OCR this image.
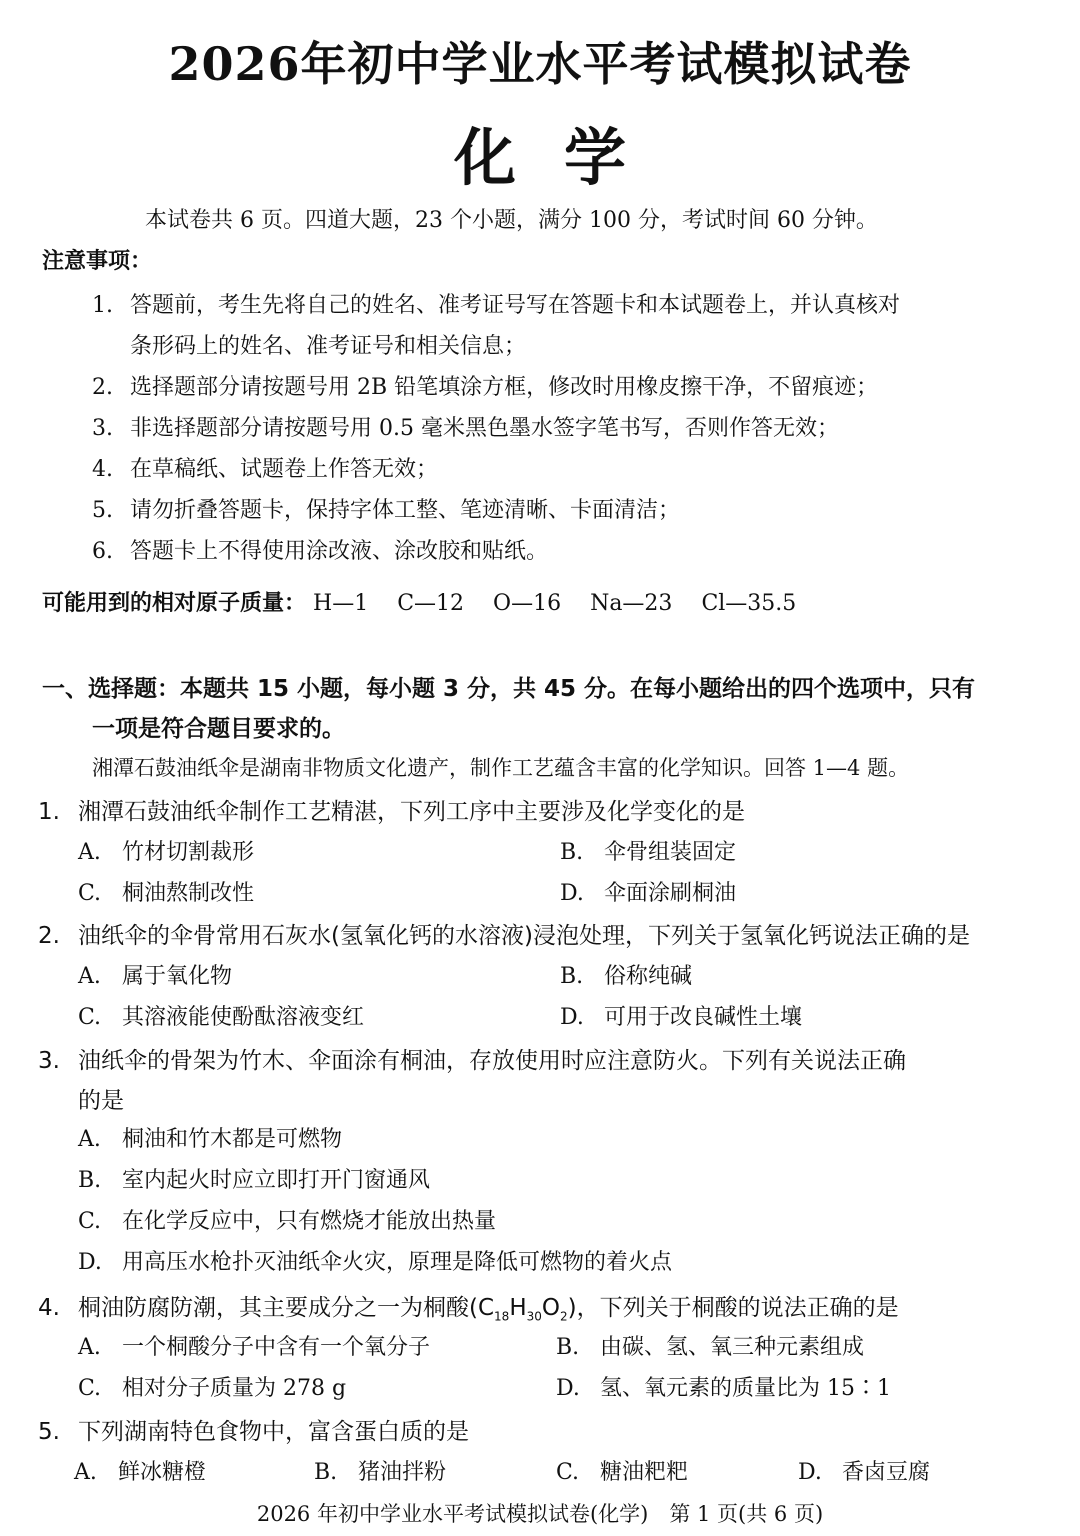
2026年初中学业水平考试模拟试卷
化学
本试卷共 6 页。四道大题，23 个小题，满分 100 分，考试时间 60 分钟。
注意事项：
1. 答题前，考生先将自己的姓名、准考证号写在答题卡和本试题卷上，并认真核对
条形码上的姓名、准考证号和相关信息；
2. 选择题部分请按题号用 2B 铅笔填涂方框，修改时用橡皮擦干净，不留痕迹；
3. 非选择题部分请按题号用 0.5 毫米黑色墨水签字笔书写，否则作答无效；
4. 在草稿纸、试题卷上作答无效；
5. 请勿折叠答题卡，保持字体工整、笔迹清晰、卡面清洁；
6. 答题卡上不得使用涂改液、涂改胶和贴纸。
可能用到的相对原子质量： H—1 C—12 O—16 Na—23 Cl—35.5
一、选择题：本题共 15 小题，每小题 3 分，共 45 分。在每小题给出的四个选项中，只有
一项是符合题目要求的。
湘潭石鼓油纸伞是湖南非物质文化遗产，制作工艺蕴含丰富的化学知识。回答 1—4 题。
1. 湘潭石鼓油纸伞制作工艺精湛，下列工序中主要涉及化学变化的是
A. 竹材切割裁形	B. 伞骨组装固定
C. 桐油熬制改性	D. 伞面涂刷桐油
2. 油纸伞的伞骨常用石灰水(氢氧化钙的水溶液)浸泡处理，下列关于氢氧化钙说法正确的是
A. 属于氧化物	B. 俗称纯碱
C. 其溶液能使酚酞溶液变红	D. 可用于改良碱性土壤
3. 油纸伞的骨架为竹木、伞面涂有桐油，存放使用时应注意防火。下列有关说法正确
的是
A. 桐油和竹木都是可燃物
B. 室内起火时应立即打开门窗通风
C. 在化学反应中，只有燃烧才能放出热量
D. 用高压水枪扑灭油纸伞火灾，原理是降低可燃物的着火点
4. 桐油防腐防潮，其主要成分之一为桐酸$(C_{18}H_{30}O_2)$，下列关于桐酸的说法正确的是
A. 一个桐酸分子中含有一个氧分子	B. 由碳、氢、氧三种元素组成
C. 相对分子质量为 278 g	D. 氢、氧元素的质量比为 15∶1
5. 下列湖南特色食物中，富含蛋白质的是
A. 鲜冰糖橙	B. 猪油拌粉	C. 糖油粑粑	D. 香卤豆腐
2026 年初中学业水平考试模拟试卷(化学)　第 1 页(共 6 页)
